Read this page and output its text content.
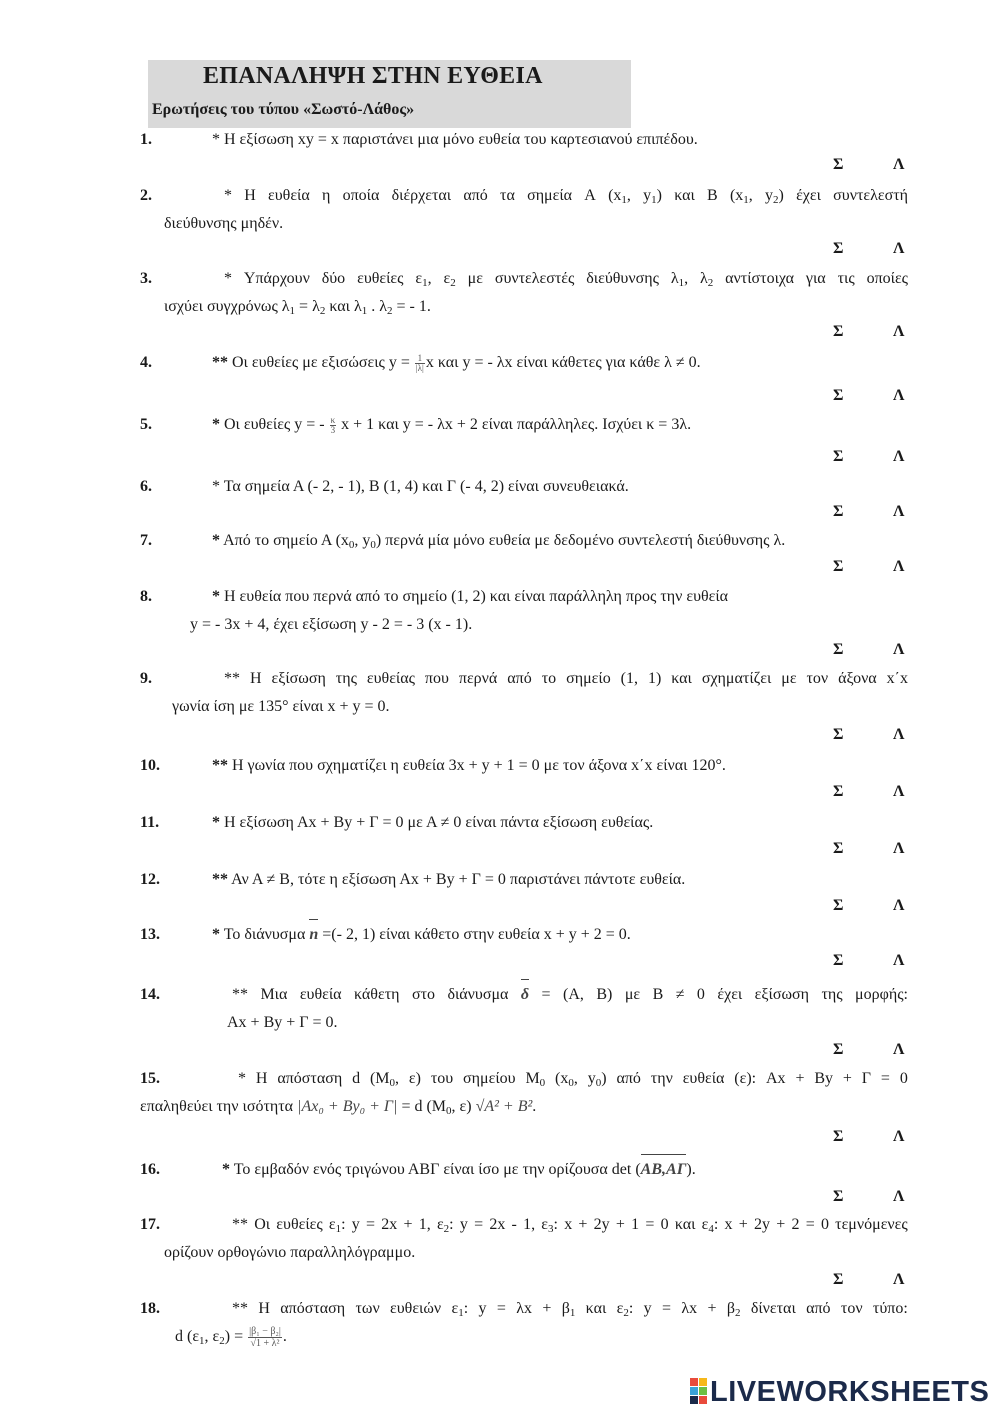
ΕΠΑΝΑΛΗΨΗ ΣΤΗΝ ΕΥΘΕΙΑ
Ερωτήσεις του τύπου «Σωστό-Λάθος»
1.	* Η εξίσωση xy = x παριστάνει μια μόνο ευθεία του καρτεσιανού επιπέδου.
Σ	Λ
2.	* Η ευθεία η οποία διέρχεται από τα σημεία Α ($x_1$, $y_1$) και Β ($x_1$, $y_2$) έχει συντελεστή
διεύθυνσης μηδέν.
Σ	Λ
3.	* Υπάρχουν δύο ευθείες $\varepsilon_1$, $\varepsilon_2$ με συντελεστές διεύθυνσης $\lambda_1$, $\lambda_2$ αντίστοιχα για τις οποίες
ισχύει συγχρόνως $\lambda_1 = \lambda_2$ και $\lambda_1$ . $\lambda_2$ = - 1.
Σ	Λ
4.	** Οι ευθείες με εξισώσεις $y = \frac{1}{|\lambda|}$ x και y = - λx είναι κάθετες για κάθε λ ≠ 0.
Σ	Λ
5.	* Οι ευθείες y = - $\frac{\kappa}{3}$ x + 1 και y = - λx + 2 είναι παράλληλες. Ισχύει κ = 3λ.
Σ	Λ
6.	* Τα σημεία Α (- 2, - 1), Β (1, 4) και Γ (- 4, 2) είναι συνευθειακά.
Σ	Λ
7.	* Από το σημείο Α ($x_0$, $y_0$) περνά μία μόνο ευθεία με δεδομένο συντελεστή διεύθυνσης λ.
Σ	Λ
8.	* Η ευθεία που περνά από το σημείο (1, 2) και είναι παράλληλη προς την ευθεία
y = - 3x + 4, έχει εξίσωση y - 2 = - 3 (x - 1).
Σ	Λ
9.	** Η εξίσωση της ευθείας που περνά από το σημείο (1, 1) και σχηματίζει με τον άξονα x΄x
γωνία ίση με 135° είναι x + y = 0.
Σ	Λ
10.	** Η γωνία που σχηματίζει η ευθεία 3x + y + 1 = 0 με τον άξονα x΄x είναι 120°.
Σ	Λ
11.	* Η εξίσωση Αx + Βy + Γ = 0 με Α ≠ 0 είναι πάντα εξίσωση ευθείας.
Σ	Λ
12.	** Αν Α ≠ Β, τότε η εξίσωση Αx + Βy + Γ = 0 παριστάνει πάντοτε ευθεία.
Σ	Λ
13.	* Το διάνυσμα n =(- 2, 1) είναι κάθετο στην ευθεία x + y + 2 = 0.
Σ	Λ
14.	** Μια ευθεία κάθετη στο διάνυσμα δ = (Α, Β) με Β ≠ 0 έχει εξίσωση της μορφής:
Αx + Βy + Γ = 0.
Σ	Λ
15.	* Η απόσταση d ($M_0$, ε) του σημείου $M_0$ ($x_0$, $y_0$) από την ευθεία (ε): Αx + Βy + Γ = 0
επαληθεύει την ισότητα |Ax₀ + By₀ + Γ| = d ($M_0$, ε) √A² + B².
Σ	Λ
16.	* Το εμβαδόν ενός τριγώνου ΑΒΓ είναι ίσο με την ορίζουσα det (AB,AΓ).
Σ	Λ
17.	** Οι ευθείες $\varepsilon_1$: y = 2x + 1, $\varepsilon_2$: y = 2x - 1, $\varepsilon_3$: x + 2y + 1 = 0 και $\varepsilon_4$: x + 2y + 2 = 0 τεμνόμενες
ορίζουν ορθογώνιο παραλληλόγραμμο.
Σ	Λ
18.	** Η απόσταση των ευθειών $\varepsilon_1$: $y = \lambda x + \beta_1$ και $\varepsilon_2$: $y = \lambda x + \beta_2$ δίνεται από τον τύπο:
d ($\varepsilon_1$, $\varepsilon_2) = \frac{\text{|β₁ − β₂|}}{\text{√1 + λ²}}$ .
LIVEWORKSHEETS
